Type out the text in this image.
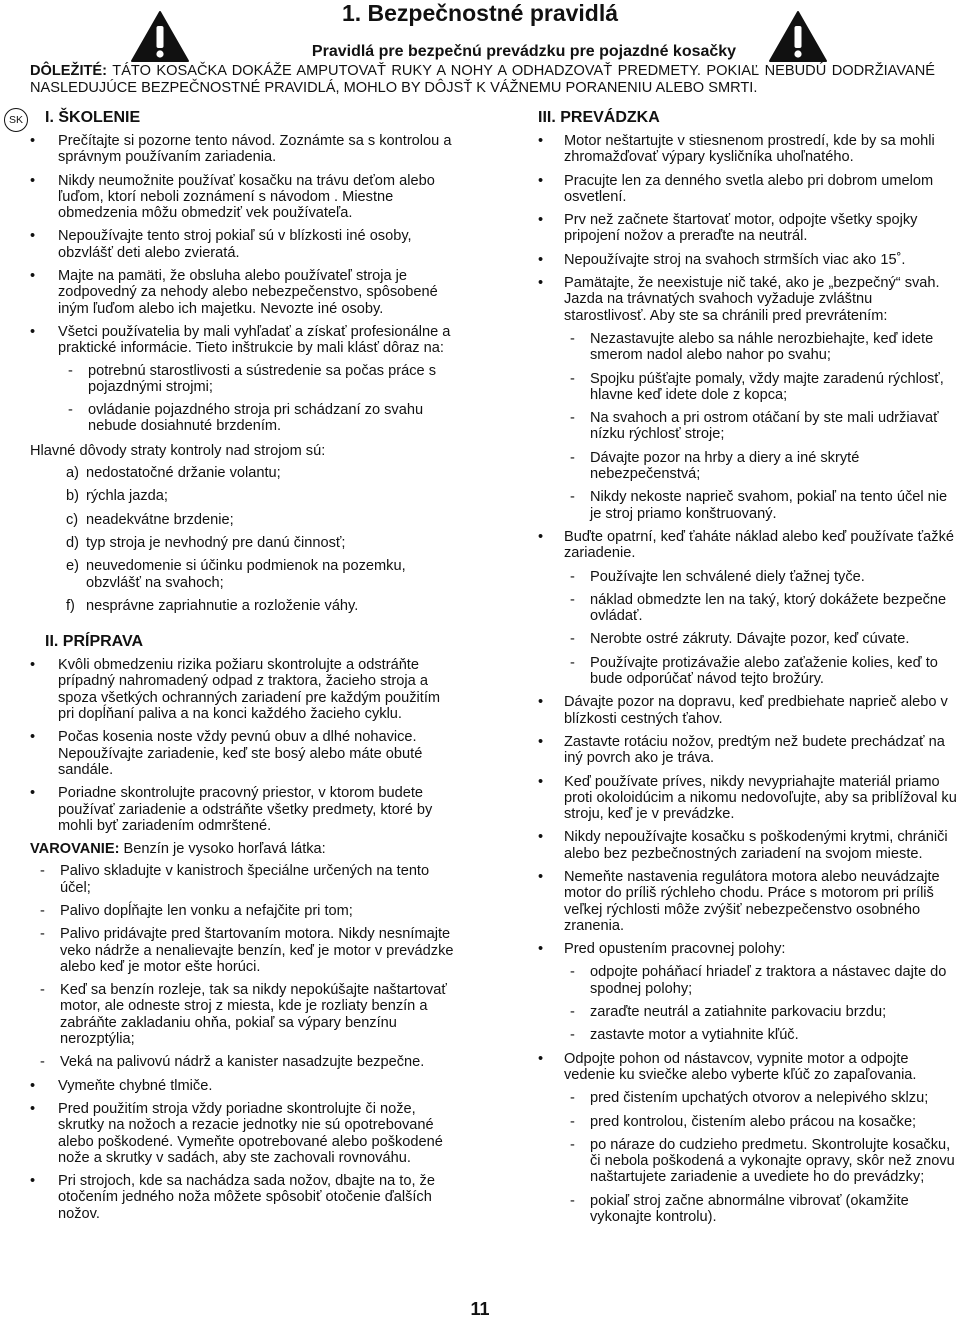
1. Bezpečnostné pravidlá
Pravidlá pre bezpečnú prevádzku pre pojazdné kosačky
DÔLEŽITÉ: TÁTO KOSAČKA DOKÁŽE AMPUTOVAŤ RUKY A NOHY A ODHADZOVAŤ PREDMETY. POKIAĽ NEBUDÚ DODRŽIAVANÉ NASLEDUJÚCE BEZPEČNOSTNÉ PRAVIDLÁ, MOHLO BY DÔJSŤ K VÁŽNEMU PORANENIU ALEBO SMRTI.
SK	I. ŠKOLENIE
• Prečítajte si pozorne tento návod. Zoznámte sa s kontrolou a správnym používaním zariadenia.
• Nikdy neumožnite používať kosačku na trávu deťom alebo ľuďom, ktorí neboli zoznámení s návodom . Miestne obmedzenia môžu obmedziť vek používateľa.
• Nepoužívajte tento stroj pokiaľ sú v blízkosti iné osoby, obzvlášť deti alebo zvieratá.
• Majte na pamäti, že obsluha alebo používateľ stroja je zodpovedný za nehody alebo nebezpečenstvo, spôsobené iným ľuďom alebo ich majetku. Nevozte iné osoby.
• Všetci používatelia by mali vyhľadať a získať profesionálne a praktické informácie. Tieto inštrukcie by mali klásť dôraz na:
- potrebnú starostlivosti a sústredenie sa počas práce s pojazdnými strojmi;
- ovládanie pojazdného stroja pri schádzaní zo svahu nebude dosiahnuté brzdením.
Hlavné dôvody straty kontroly nad strojom sú:
a) nedostatočné držanie volantu;
b) rýchla jazda;
c) neadekvátne brzdenie;
d) typ stroja je nevhodný pre danú činnosť;
e) neuvedomenie si účinku podmienok na pozemku, obzvlášť na svahoch;
f) nesprávne zapriahnutie a rozloženie váhy.
II. PRÍPRAVA
• Kvôli obmedzeniu rizika požiaru skontrolujte a odstráňte prípadný nahromadený odpad z traktora, žacieho stroja a spoza všetkých ochranných zariadení pre každým použitím pri dopĺňaní paliva a na konci každého žacieho cyklu.
• Počas kosenia noste vždy pevnú obuv a dlhé nohavice. Nepoužívajte zariadenie, keď ste bosý alebo máte obuté sandále.
• Poriadne skontrolujte pracovný priestor, v ktorom budete používať zariadenie a odstráňte všetky predmety, ktoré by mohli byť zariadením odmrštené.
VAROVANIE: Benzín je vysoko horľavá látka:
- Palivo skladujte v kanistroch špeciálne určených na tento účel;
- Palivo dopĺňajte len vonku a nefajčite pri tom;
- Palivo pridávajte pred štartovaním motora. Nikdy nesnímajte veko nádrže a nenalievajte benzín, keď je motor v prevádzke alebo keď je motor ešte horúci.
- Keď sa benzín rozleje, tak sa nikdy nepokúšajte naštartovať motor, ale odneste stroj z miesta, kde je rozliaty benzín a zabráňte zakladaniu ohňa, pokiaľ sa výpary benzínu nerozptýlia;
- Veká na palivovú nádrž a kanister nasadzujte bezpečne.
• Vymeňte chybné tlmiče.
• Pred použitím stroja vždy poriadne skontrolujte či nože, skrutky na nožoch a rezacie jednotky nie sú opotrebované alebo poškodené. Vymeňte opotrebované alebo poškodené nože a skrutky v sadách, aby ste zachovali rovnováhu.
• Pri strojoch, kde sa nachádza sada nožov, dbajte na to, že otočením jedného noža môžete spôsobiť otočenie ďalších nožov.
III. PREVÁDZKA
• Motor neštartujte v stiesnenom prostredí, kde by sa mohli zhromažďovať výpary kysličníka uhoľnatého.
• Pracujte len za denného svetla alebo pri dobrom umelom osvetlení.
• Prv než začnete štartovať motor, odpojte všetky spojky pripojení nožov a preraďte na neutrál.
• Nepoužívajte stroj na svahoch strmších viac ako 15˚.
• Pamätajte, že neexistuje nič také, ako je „bezpečný“ svah. Jazda na trávnatých svahoch vyžaduje zvláštnu starostlivosť. Aby ste sa chránili pred prevrátením:
- Nezastavujte alebo sa náhle nerozbiehajte, keď idete smerom nadol alebo nahor po svahu;
- Spojku púšťajte pomaly, vždy majte zaradenú rýchlosť, hlavne keď idete dole z kopca;
- Na svahoch a pri ostrom otáčaní by ste mali udržiavať nízku rýchlosť stroje;
- Dávajte pozor na hrby a diery a iné skryté nebezpečenstvá;
- Nikdy nekoste naprieč svahom, pokiaľ na tento účel nie je stroj priamo konštruovaný.
• Buďte opatrní, keď ťaháte náklad alebo keď používate ťažké zariadenie.
- Používajte len schválené diely ťažnej tyče.
- náklad obmedzte len na taký, ktorý dokážete bezpečne ovládať.
- Nerobte ostré zákruty. Dávajte pozor, keď cúvate.
- Používajte protizávažie alebo zaťaženie kolies, keď to bude odporúčať návod tejto brožúry.
• Dávajte pozor na dopravu, keď predbiehate naprieč alebo v blízkosti cestných ťahov.
• Zastavte rotáciu nožov, predtým než budete prechádzať na iný povrch ako je tráva.
• Keď používate príves, nikdy nevypriahajte materiál priamo proti okoloidúcim a nikomu nedovoľujte, aby sa priblížoval ku stroju, keď je v prevádzke.
• Nikdy nepoužívajte kosačku s poškodenými krytmi, chrániči alebo bez pezbečnostných zariadení na svojom mieste.
• Nemeňte nastavenia regulátora motora alebo neuvádzajte motor do príliš rýchleho chodu. Práce s motorom pri príliš veľkej rýchlosti môže zvýšiť nebezpečenstvo osobného zranenia.
• Pred opustením pracovnej polohy:
- odpojte poháňací hriadeľ z traktora a nástavec dajte do spodnej polohy;
- zaraďte neutrál a zatiahnite parkovaciu brzdu;
- zastavte motor a vytiahnite kľúč.
• Odpojte pohon od nástavcov, vypnite motor a odpojte vedenie ku sviečke alebo vyberte kľúč zo zapaľovania.
- pred čistením upchatých otvorov a nelepivého sklzu;
- pred kontrolou, čistením alebo prácou na kosačke;
- po náraze do cudzieho predmetu. Skontrolujte kosačku, či nebola poškodená a vykonajte opravy, skôr než znovu naštartujete zariadenie a uvediete ho do prevádzky;
- pokiaľ stroj začne abnormálne vibrovať (okamžite vykonajte kontrolu).
11
